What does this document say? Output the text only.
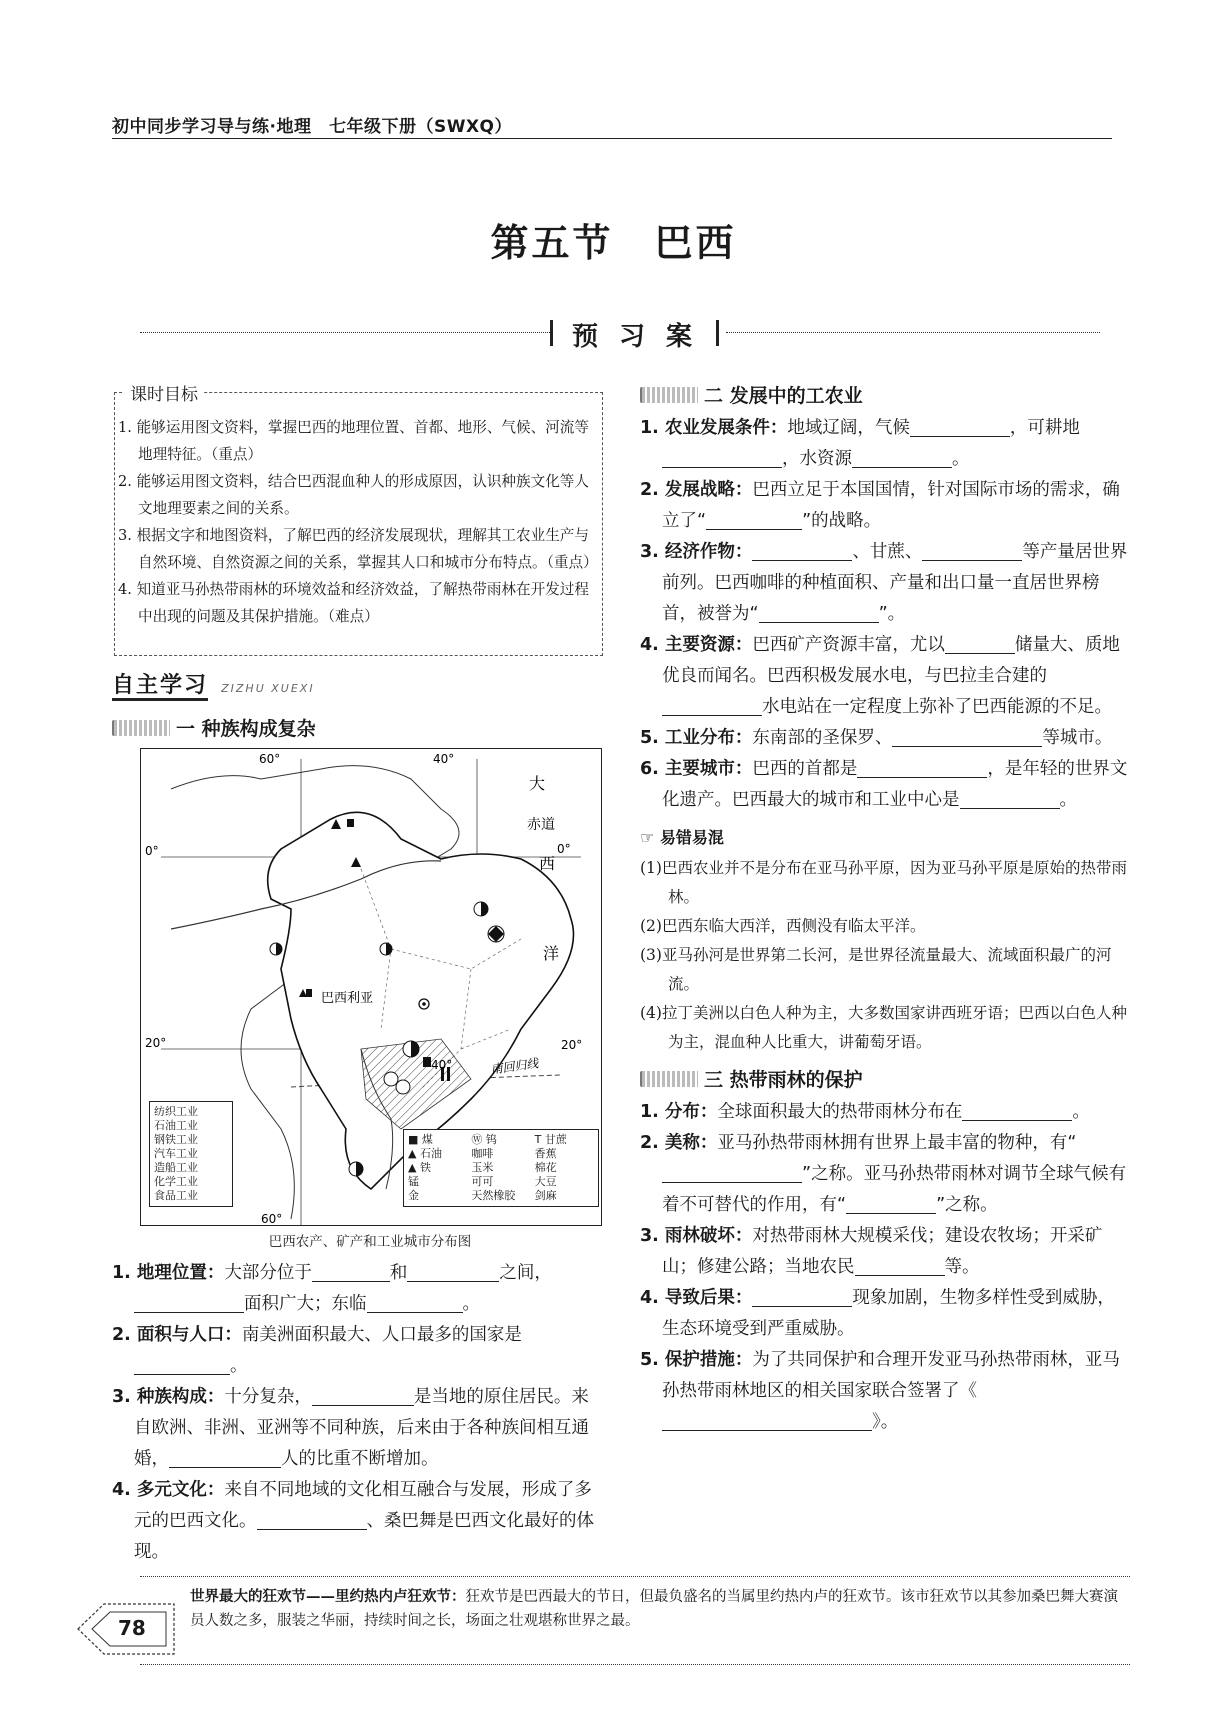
初中同步学习导与练·地理　七年级下册（SWXQ）
第五节　巴西
预 习 案
课时目标

1. 能够运用图文资料，掌握巴西的地理位置、首都、地形、气候、河流等地理特征。（重点）

2. 能够运用图文资料，结合巴西混血种人的形成原因，认识种族文化等人文地理要素之间的关系。

3. 根据文字和地图资料，了解巴西的经济发展现状，理解其工农业生产与自然环境、自然资源之间的关系，掌握其人口和城市分布特点。（重点）

4. 知道亚马孙热带雨林的环境效益和经济效益，了解热带雨林在开发过程中出现的问题及其保护措施。（难点）

自主学习 ZIZHU XUEXI
一 种族构成复杂
60°	40°
40°
60°
0°	0°
20°	20°
赤道
大
西
洋
巴西利亚
南回归线
纺织工业
石油工业
钢铁工业
汽车工业
造船工业
化学工业
食品工业
■ 煤	Ⓦ 钨	T 甘蔗
▲ 石油	咖啡	香蕉
▲ 铁	玉米	棉花
锰	可可	大豆
金	天然橡胶	剑麻
巴西农产、矿产和工业城市分布图

1. 地理位置：大部分位于	和	之间，面积广大；东临	。

2. 面积与人口：南美洲面积最大、人口最多的国家是。

3. 种族构成：十分复杂，	是当地的原住居民。来自欧洲、非洲、亚洲等不同种族，后来由于各种族间相互通婚，	人的比重不断增加。

4. 多元文化：来自不同地域的文化相互融合与发展，形成了多元的巴西文化。	、桑巴舞是巴西文化最好的体现。

二 发展中的工农业

1. 农业发展条件：地域辽阔，气候	，可耕地，水资源	。

2. 发展战略：巴西立足于本国国情，针对国际市场的需求，确立了“	”的战略。

3. 经济作物：	、甘蔗、	等产量居世界前列。巴西咖啡的种植面积、产量和出口量一直居世界榜首，被誉为“	”。

4. 主要资源：巴西矿产资源丰富，尤以	储量大、质地优良而闻名。巴西积极发展水电，与巴拉圭合建的水电站在一定程度上弥补了巴西能源的不足。

5. 工业分布：东南部的圣保罗、	等城市。

6. 主要城市：巴西的首都是	，是年轻的世界文化遗产。巴西最大的城市和工业中心是	。

☞ 易错易混

(1)巴西农业并不是分布在亚马孙平原，因为亚马孙平原是原始的热带雨林。

(2)巴西东临大西洋，西侧没有临太平洋。

(3)亚马孙河是世界第二长河，是世界径流量最大、流域面积最广的河流。

(4)拉丁美洲以白色人种为主，大多数国家讲西班牙语；巴西以白色人种为主，混血种人比重大，讲葡萄牙语。

三 热带雨林的保护

1. 分布：全球面积最大的热带雨林分布在	。

2. 美称：亚马孙热带雨林拥有世界上最丰富的物种，有“”之称。亚马孙热带雨林对调节全球气候有着不可替代的作用，有“	”之称。

3. 雨林破坏：对热带雨林大规模采伐；建设农牧场；开采矿山；修建公路；当地农民	等。

4. 导致后果：	现象加剧，生物多样性受到威胁，生态环境受到严重威胁。

5. 保护措施：为了共同保护和合理开发亚马孙热带雨林，亚马孙热带雨林地区的相关国家联合签署了《》。

78
世界最大的狂欢节——里约热内卢狂欢节：狂欢节是巴西最大的节日，但最负盛名的当属里约热内卢的狂欢节。该市狂欢节以其参加桑巴舞大赛演员人数之多，服装之华丽，持续时间之长，场面之壮观堪称世界之最。
